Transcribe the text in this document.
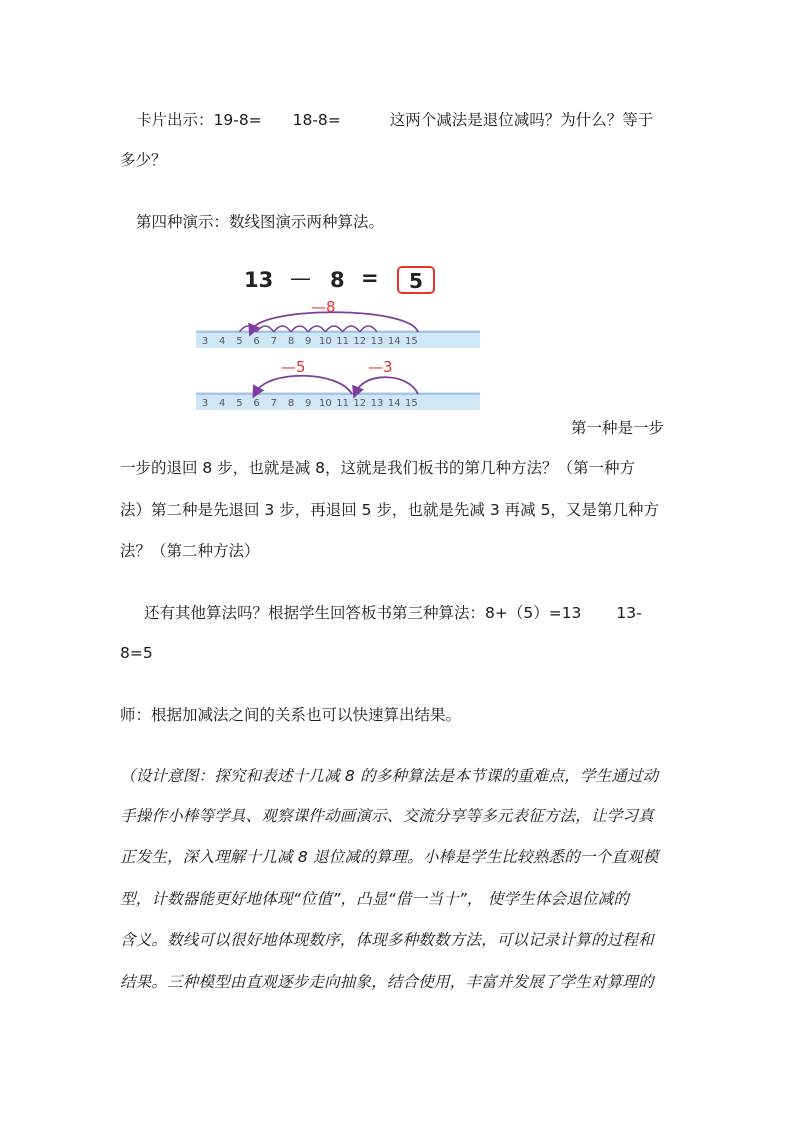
卡片出示：19-8= 18-8=	这两个减法是退位减吗？为什么？等于
多少？
第四种演示：数线图演示两种算法。
13 — 8 =	5
3 4 5 6 7 8 9 10 11 12 13 14 15
—8
3 4 5 6 7 8 9 10 11 12 13 14 15
—5	—3
第一种是一步
一步的退回 8 步，也就是减 8，这就是我们板书的第几种方法？（第一种方
法）第二种是先退回 3 步，再退回 5 步，也就是先减 3 再减 5，又是第几种方
法？（第二种方法）
还有其他算法吗？根据学生回答板书第三种算法：8+（5）=13 13-
8=5
师：根据加减法之间的关系也可以快速算出结果。
（设计意图：探究和表述十几减 8 的多种算法是本节课的重难点，学生通过动
手操作小棒等学具、观察课件动画演示、交流分享等多元表征方法，让学习真
正发生，深入理解十几减 8 退位减的算理。小棒是学生比较熟悉的一个直观模
型，计数器能更好地体现“位值”，凸显“借一当十”， 使学生体会退位减的
含义。数线可以很好地体现数序，体现多种数数方法，可以记录计算的过程和
结果。三种模型由直观逐步走向抽象，结合使用，丰富并发展了学生对算理的
